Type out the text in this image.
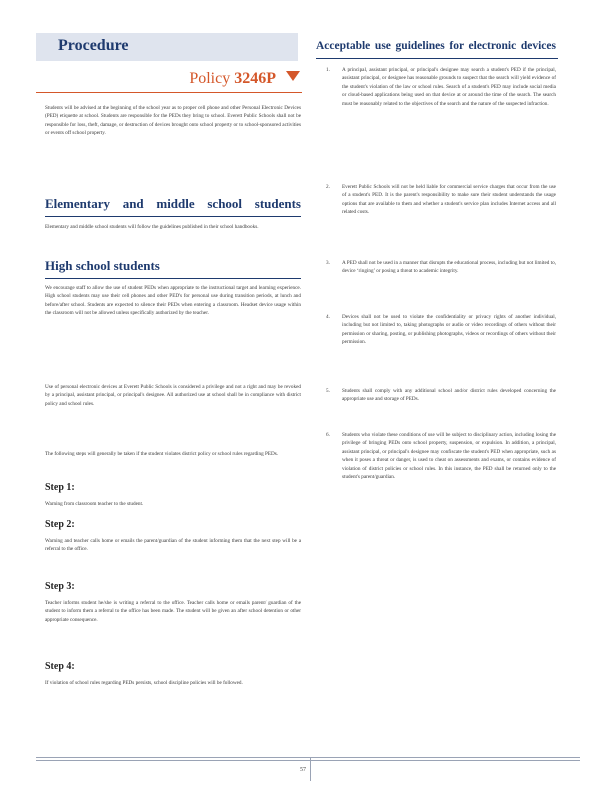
Procedure
Policy 3246P

Students will be advised at the beginning of the school year as to proper cell phone and other Personal Electronic Devices (PED) etiquette at school. Students are responsible for the PEDs they bring to school. Everett Public Schools shall not be responsible for loss, theft, damage, or destruction of devices brought onto school property or to school-sponsored activities or events off school property.

Elementary and middle school students

Elementary and middle school students will follow the guidelines published in their school handbooks.

High school students

We encourage staff to allow the use of student PEDs when appropriate to the instructional target and learning experience. High school students may use their cell phones and other PED's for personal use during transition periods, at lunch and before/after school. Students are expected to silence their PEDs when entering a classroom. Headset device usage within the classroom will not be allowed unless specifically authorized by the teacher.

Use of personal electronic devices at Everett Public Schools is considered a privilege and not a right and may be revoked by a principal, assistant principal, or principal's designee. All authorized use at school shall be in compliance with district policy and school rules.

The following steps will generally be taken if the student violates district policy or school rules regarding PEDs.

Step 1:

Warning from classroom teacher to the student.

Step 2:

Warning and teacher calls home or emails the parent/guardian of the student informing them that the next step will be a referral to the office.

Step 3:

Teacher informs student he/she is writing a referral to the office. Teacher calls home or emails parent/ guardian of the student to inform them a referral to the office has been made. The student will be given an after school detention or other appropriate consequence.

Step 4:

If violation of school rules regarding PEDs persists, school discipline policies will be followed.

Acceptable use guidelines for electronic devices
1. A principal, assistant principal, or principal's designee may search a student's PED if the principal, assistant principal, or designee has reasonable grounds to suspect that the search will yield evidence of the student's violation of the law or school rules. Search of a student's PED may include social media or cloud-based applications being used on that device at or around the time of the search. The search must be reasonably related to the objectives of the search and the nature of the suspected infraction.

2. Everett Public Schools will not be held liable for commercial service charges that occur from the use of a student's PED. It is the parent's responsibility to make sure their student understands the usage options that are available to them and whether a student's service plan includes Internet access and all related costs.

3. A PED shall not be used in a manner that disrupts the educational process, including but not limited to, device ‘ringing’ or posing a threat to academic integrity.

4. Devices shall not be used to violate the confidentiality or privacy rights of another individual, including but not limited to, taking photographs or audio or video recordings of others without their permission or sharing, posting, or publishing photographs, videos or recordings of others without their permission.

5. Students shall comply with any additional school and/or district rules developed concerning the appropriate use and storage of PEDs.

6. Students who violate these conditions of use will be subject to disciplinary action, including losing the privilege of bringing PEDs onto school property, suspension, or expulsion. In addition, a principal, assistant principal, or principal's designee may confiscate the student's PED when appropriate, such as when it poses a threat or danger, is used to cheat on assessments and exams, or contains evidence of violation of district policies or school rules. In this instance, the PED shall be returned only to the student's parent/guardian.

57
